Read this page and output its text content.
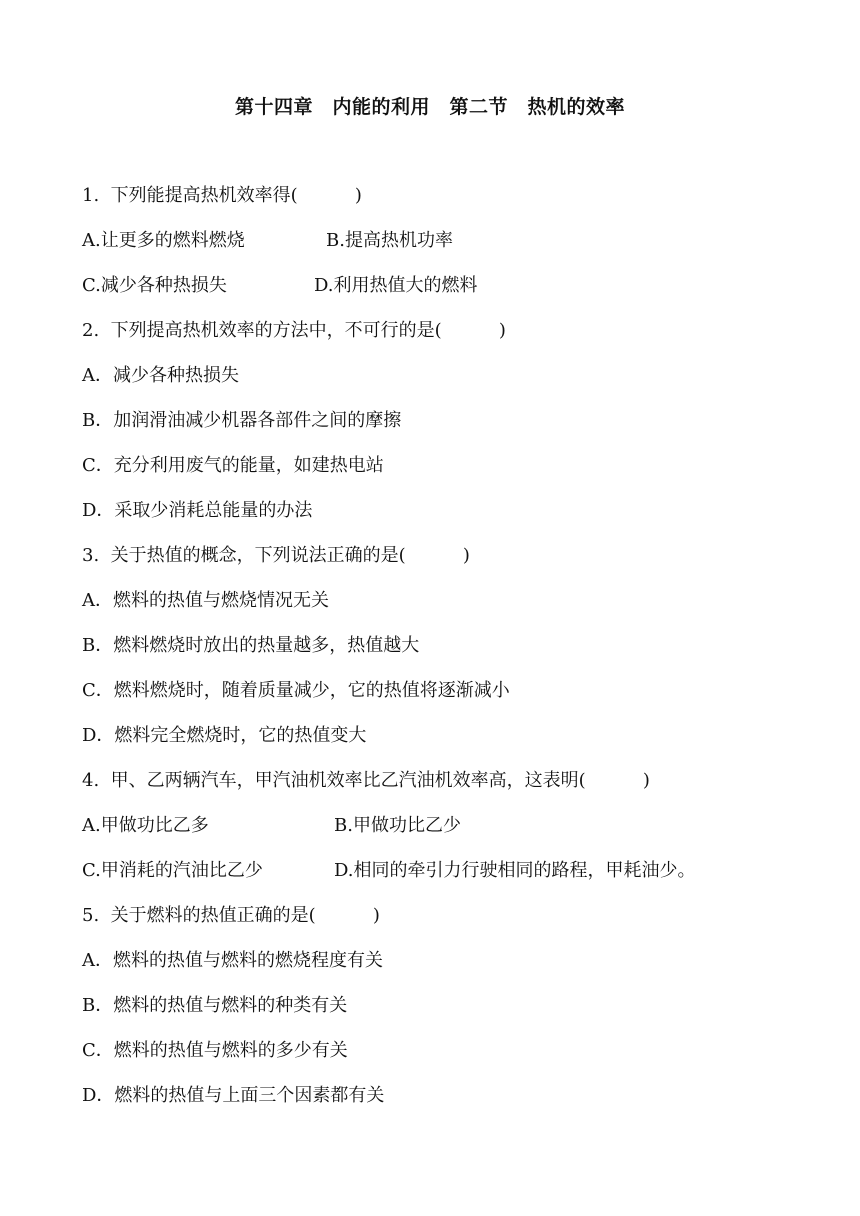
第十四章　内能的利用　第二节　热机的效率
1.  下列能提高热机效率得(          )
A.让更多的燃料燃烧	B.提高热机功率
C.减少各种热损失	D.利用热值大的燃料
2.  下列提高热机效率的方法中，不可行的是(          )
A．减少各种热损失
B．加润滑油减少机器各部件之间的摩擦
C．充分利用废气的能量，如建热电站
D．采取少消耗总能量的办法
3.  关于热值的概念，下列说法正确的是(          )
A．燃料的热值与燃烧情况无关
B．燃料燃烧时放出的热量越多，热值越大
C．燃料燃烧时，随着质量减少，它的热值将逐渐减小
D．燃料完全燃烧时，它的热值变大
4.  甲、乙两辆汽车，甲汽油机效率比乙汽油机效率高，这表明(          )
A.甲做功比乙多	B.甲做功比乙少
C.甲消耗的汽油比乙少	D.相同的牵引力行驶相同的路程，甲耗油少。
5.  关于燃料的热值正确的是(          )
A．燃料的热值与燃料的燃烧程度有关
B．燃料的热值与燃料的种类有关
C．燃料的热值与燃料的多少有关
D．燃料的热值与上面三个因素都有关
